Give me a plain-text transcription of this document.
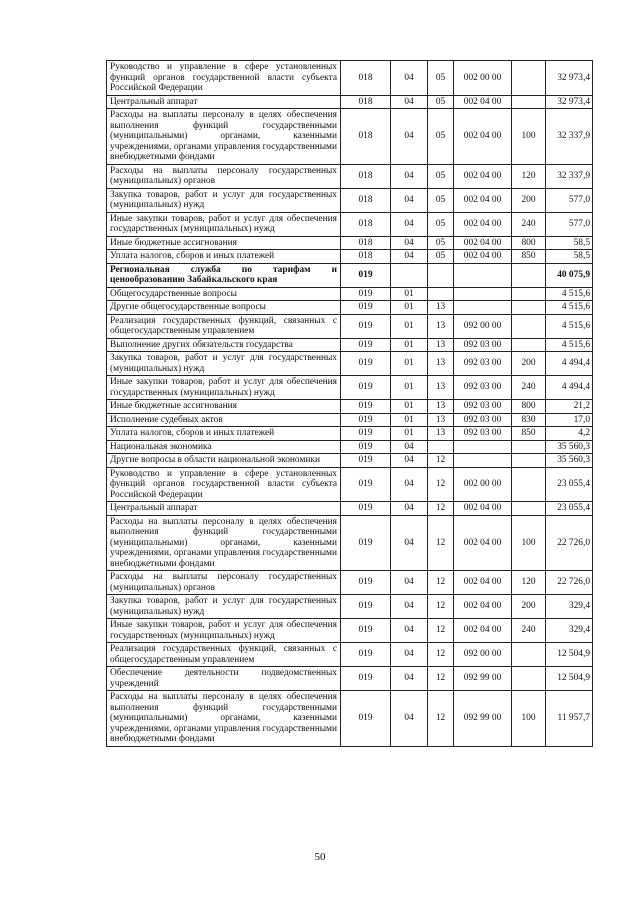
Руководство и управление в сфере установленных функций органов государственной власти субъекта Российской Федерации	018	04	05	002 00 00		32 973,4
Центральный аппарат	018	04	05	002 04 00		32 973,4
Расходы на выплаты персоналу в целях обеспечения выполнения функций государственными (муниципальными) органами, казенными учреждениями, органами управления государственными внебюджетными фондами	018	04	05	002 04 00	100	32 337,9
Расходы на выплаты персоналу государственных (муниципальных) органов	018	04	05	002 04 00	120	32 337,9
Закупка товаров, работ и услуг для государственных (муниципальных) нужд	018	04	05	002 04 00	200	577,0
Иные закупки товаров, работ и услуг для обеспечения государственных (муниципальных) нужд	018	04	05	002 04 00	240	577,0
Иные бюджетные ассигнования	018	04	05	002 04 00	800	58,5
Уплата налогов, сборов и иных платежей	018	04	05	002 04 00	850	58,5
Региональная служба по тарифам и ценообразованию Забайкальского края	019					40 075,9
Общегосударственные вопросы	019	01				4 515,6
Другие общегосударственные вопросы	019	01	13			4 515,6
Реализация государственных функций, связанных с общегосударственным управлением	019	01	13	092 00 00		4 515,6
Выполнение других обязательств государства	019	01	13	092 03 00		4 515,6
Закупка товаров, работ и услуг для государственных (муниципальных) нужд	019	01	13	092 03 00	200	4 494,4
Иные закупки товаров, работ и услуг для обеспечения государственных (муниципальных) нужд	019	01	13	092 03 00	240	4 494,4
Иные бюджетные ассигнования	019	01	13	092 03 00	800	21,2
Исполнение судебных актов	019	01	13	092 03 00	830	17,0
Уплата налогов, сборов и иных платежей	019	01	13	092 03 00	850	4,2
Национальная экономика	019	04				35 560,3
Другие вопросы в области национальной экономики	019	04	12			35 560,3
Руководство и управление в сфере установленных функций органов государственной власти субъекта Российской Федерации	019	04	12	002 00 00		23 055,4
Центральный аппарат	019	04	12	002 04 00		23 055,4
Расходы на выплаты персоналу в целях обеспечения выполнения функций государственными (муниципальными) органами, казенными учреждениями, органами управления государственными внебюджетными фондами	019	04	12	002 04 00	100	22 726,0
Расходы на выплаты персоналу государственных (муниципальных) органов	019	04	12	002 04 00	120	22 726,0
Закупка товаров, работ и услуг для государственных (муниципальных) нужд	019	04	12	002 04 00	200	329,4
Иные закупки товаров, работ и услуг для обеспечения государственных (муниципальных) нужд	019	04	12	002 04 00	240	329,4
Реализация государственных функций, связанных с общегосударственным управлением	019	04	12	092 00 00		12 504,9
Обеспечение деятельности подведомственных учреждений	019	04	12	092 99 00		12 504,9
Расходы на выплаты персоналу в целях обеспечения выполнения функций государственными (муниципальными) органами, казенными учреждениями, органами управления государственными внебюджетными фондами	019	04	12	092 99 00	100	11 957,7
50
